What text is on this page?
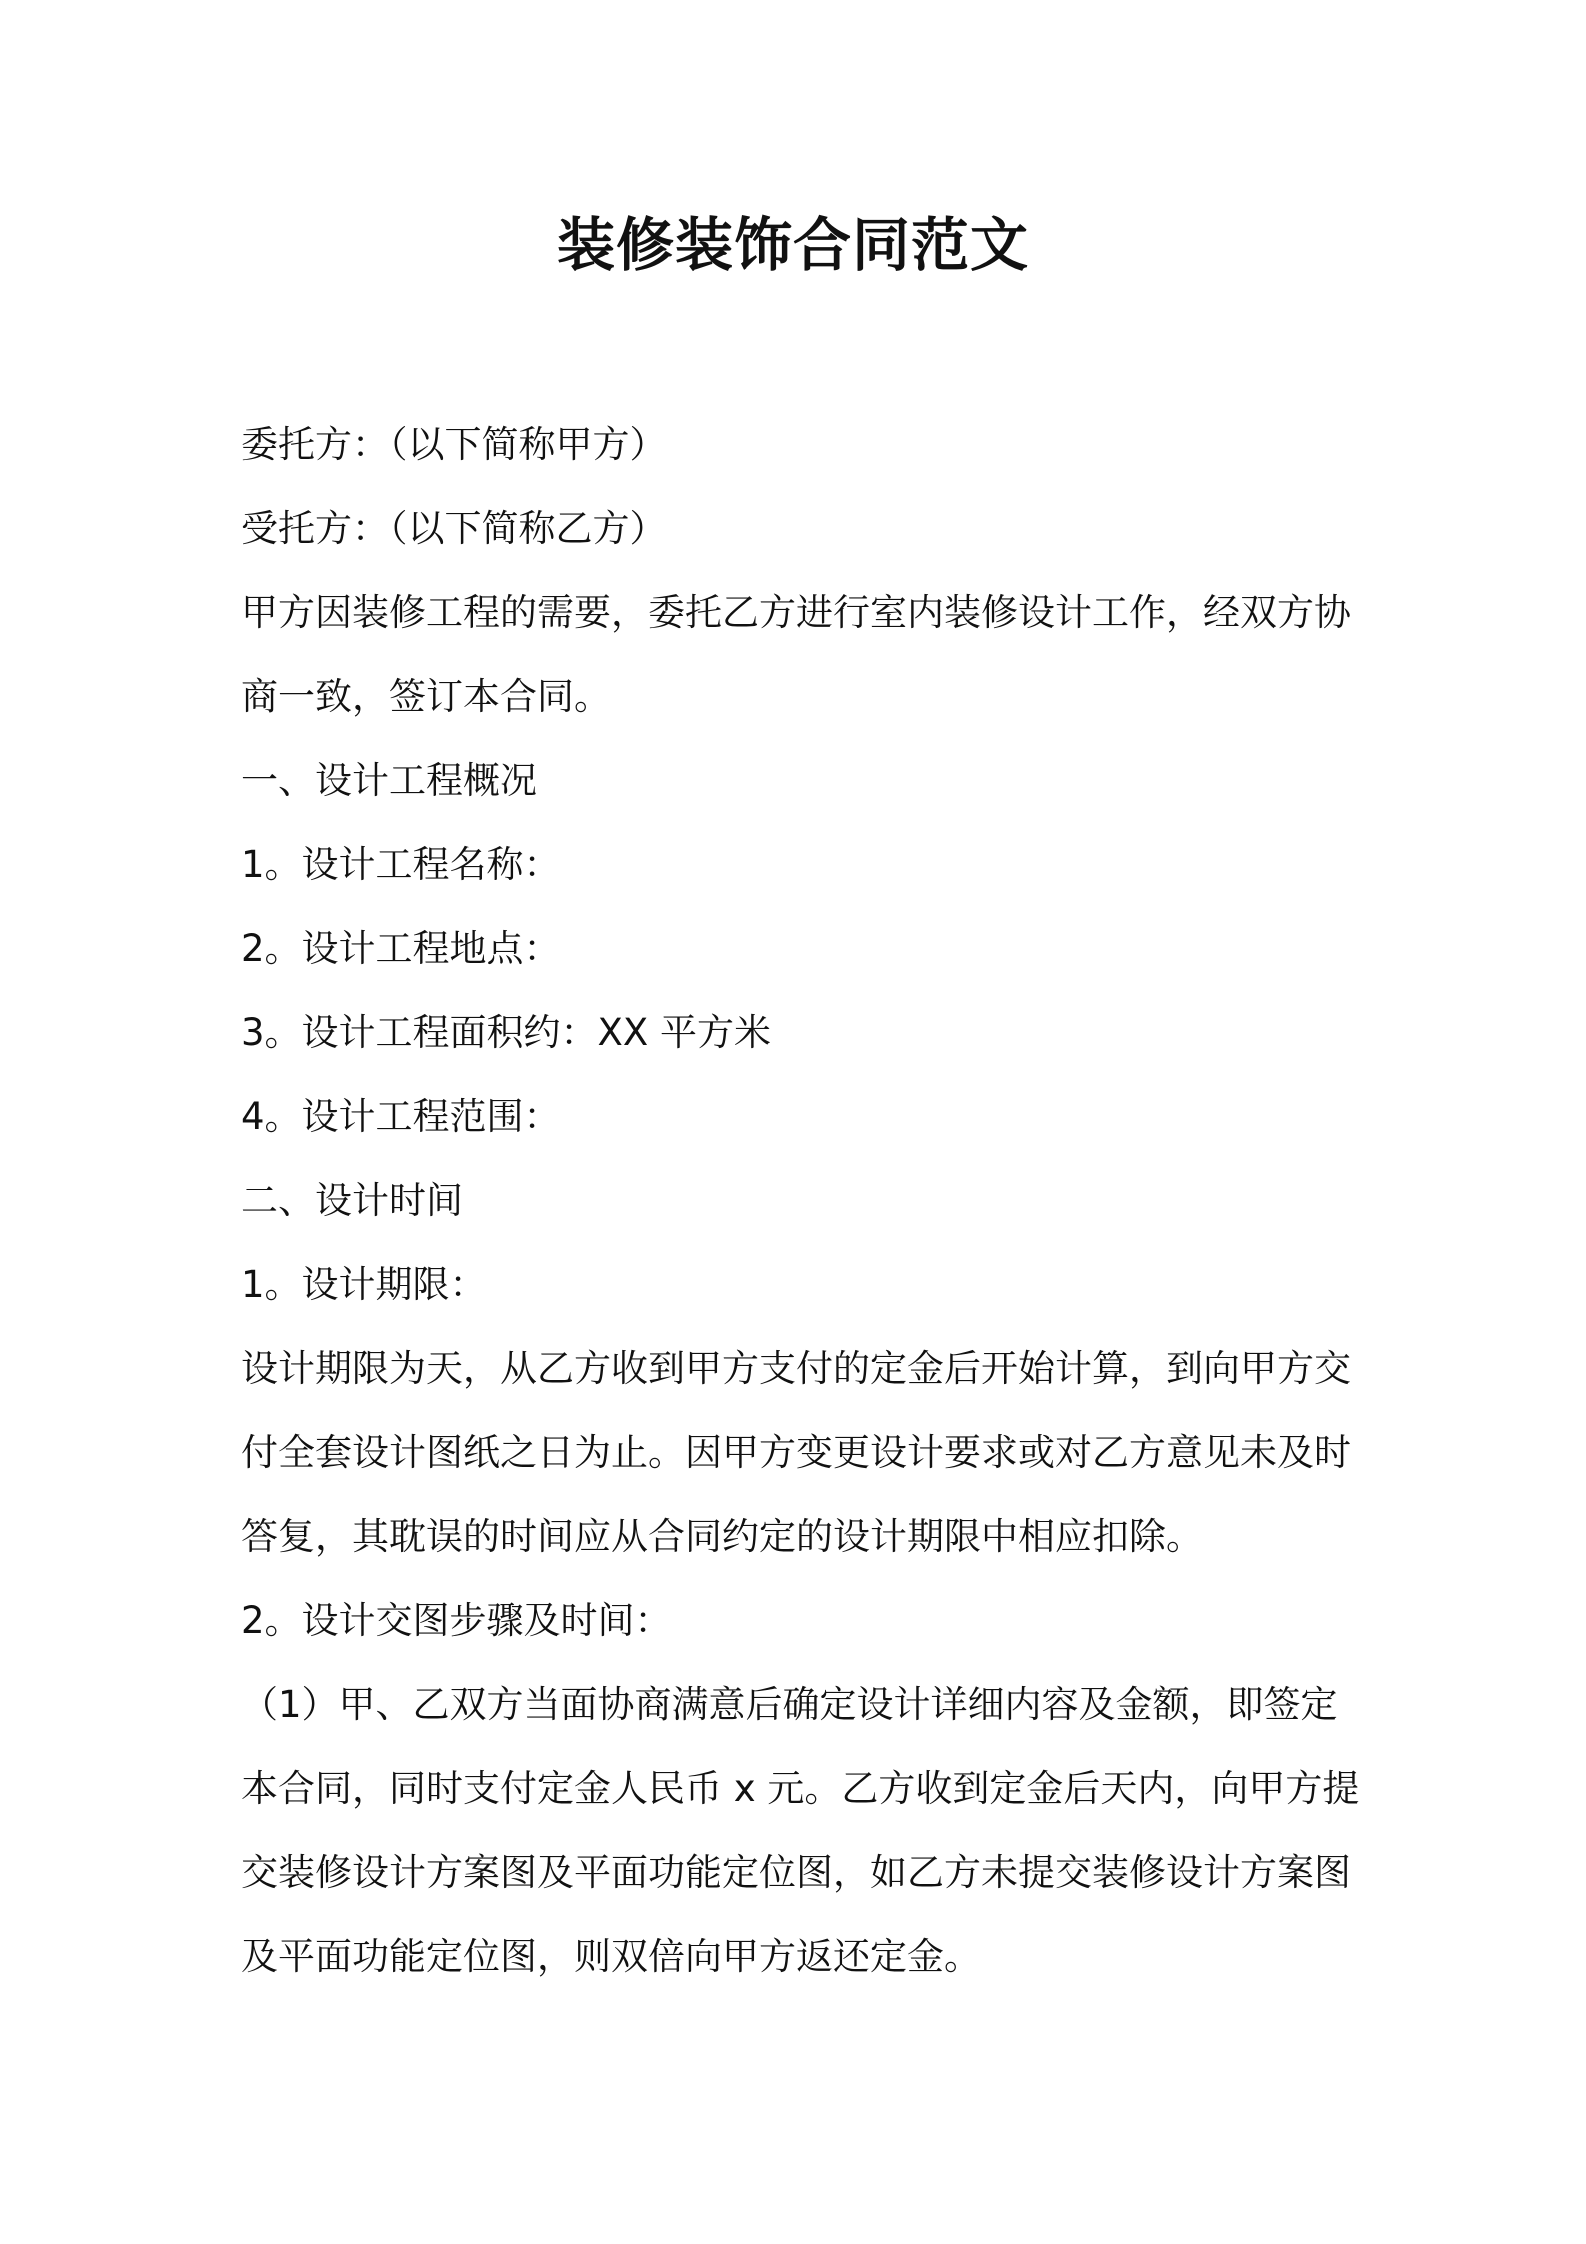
装修装饰合同范文

委托方：（以下简称甲方）

受托方：（以下简称乙方）

甲方因装修工程的需要，委托乙方进行室内装修设计工作，经双方协商一致，签订本合同。

一、设计工程概况

1。设计工程名称：

2。设计工程地点：

3。设计工程面积约：XX 平方米

4。设计工程范围：

二、设计时间

1。设计期限：

设计期限为天，从乙方收到甲方支付的定金后开始计算，到向甲方交付全套设计图纸之日为止。因甲方变更设计要求或对乙方意见未及时答复，其耽误的时间应从合同约定的设计期限中相应扣除。

2。设计交图步骤及时间：

（1）甲、乙双方当面协商满意后确定设计详细内容及金额，即签定本合同，同时支付定金人民币 x 元。乙方收到定金后天内，向甲方提交装修设计方案图及平面功能定位图，如乙方未提交装修设计方案图及平面功能定位图，则双倍向甲方返还定金。
